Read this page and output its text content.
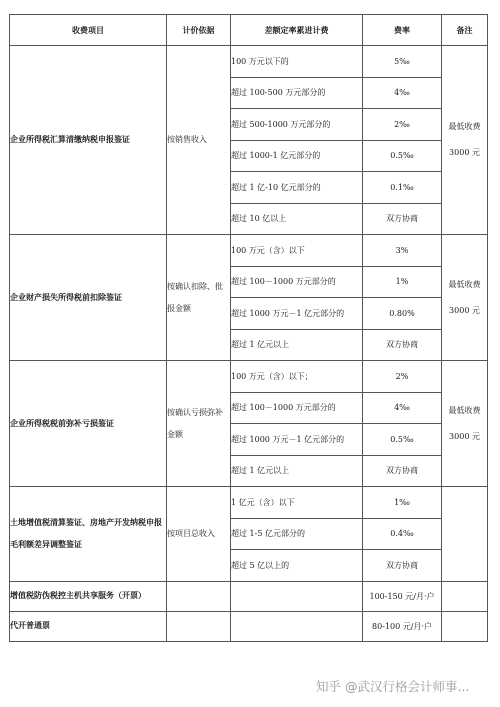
收费项目	计价依据	差额定率累进计费	费率	备注
企业所得税汇算清缴纳税申报鉴证	按销售收入	100 万元以下的	5‰	最低收费 3000 元
		超过 100-500 万元部分的	4‰	
		超过 500-1000 万元部分的	2‰	
		超过 1000-1 亿元部分的	0.5‰	
		超过 1 亿-10 亿元部分的	0.1‰	
		超过 10 亿以上	双方协商	
企业财产损失所得税前扣除鉴证	按确认扣除、批报金额	100 万元（含）以下	3%	最低收费 3000 元
		超过 100－1000 万元部分的	1%	
		超过 1000 万元－1 亿元部分的	0.80%	
		超过 1 亿元以上	双方协商	
企业所得税税前弥补亏损鉴证	按确认亏损弥补金额	100 万元（含）以下；	2%	最低收费 3000 元
		超过 100－1000 万元部分的	4‰	
		超过 1000 万元－1 亿元部分的	0.5‰	
		超过 1 亿元以上	双方协商	
土地增值税清算鉴证、房地产开发纳税申报毛利额差异调整鉴证	按项目总收入	1 亿元（含）以下	1‰	
		超过 1-5 亿元部分的	0.4‰	
		超过 5 亿以上的	双方协商	
增值税防伪税控主机共享服务（开票）			100-150 元/月·户	
代开普通票			80-100 元/月·户	
知乎 @武汉行格会计师事...
